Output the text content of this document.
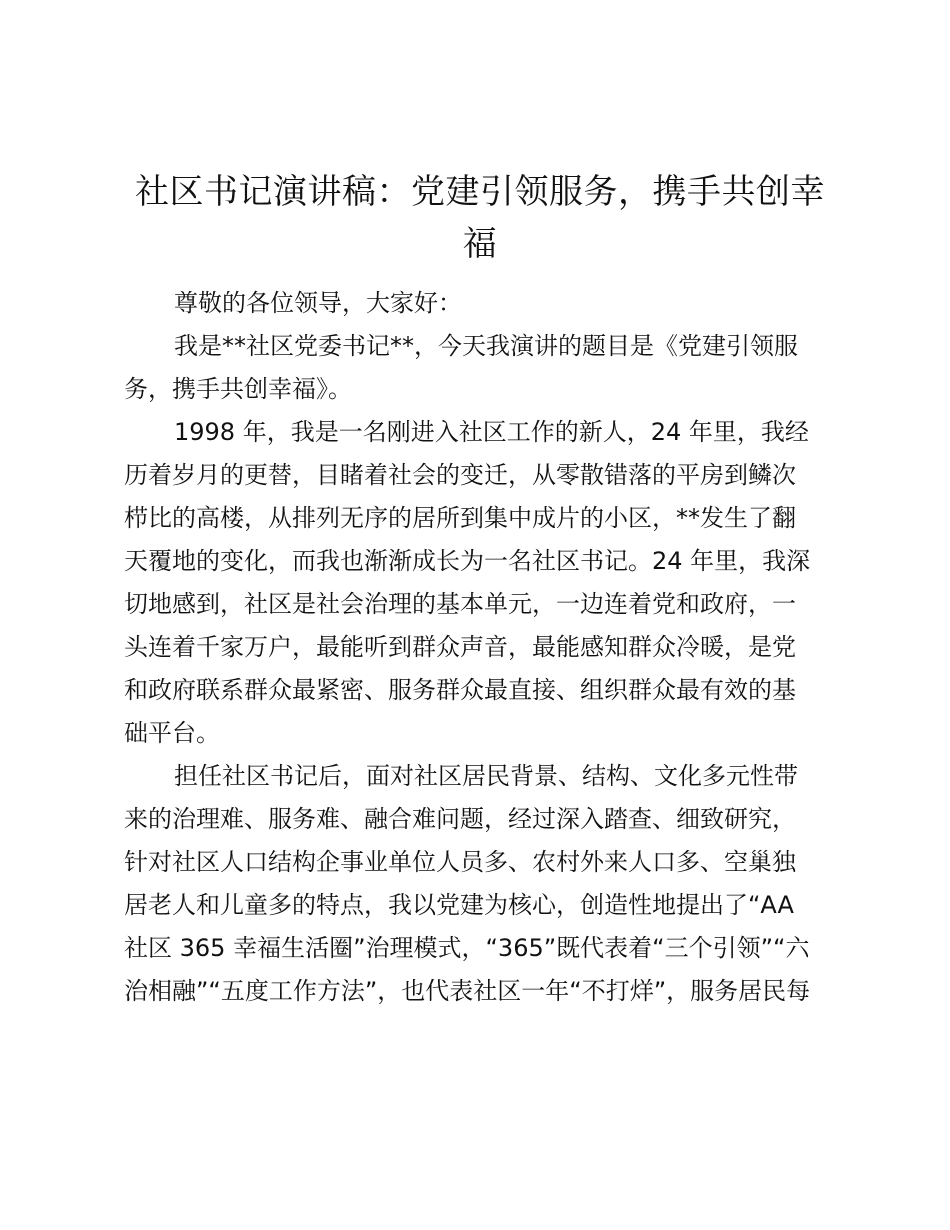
社区书记演讲稿：党建引领服务，携手共创幸
福
尊敬的各位领导，大家好：
我是**社区党委书记**，今天我演讲的题目是《党建引领服
务，携手共创幸福》。
1998 年，我是一名刚进入社区工作的新人，24 年里，我经
历着岁月的更替，目睹着社会的变迁，从零散错落的平房到鳞次
栉比的高楼，从排列无序的居所到集中成片的小区，**发生了翻
天覆地的变化，而我也渐渐成长为一名社区书记。24 年里，我深
切地感到，社区是社会治理的基本单元，一边连着党和政府，一
头连着千家万户，最能听到群众声音，最能感知群众冷暖，是党
和政府联系群众最紧密、服务群众最直接、组织群众最有效的基
础平台。
担任社区书记后，面对社区居民背景、结构、文化多元性带
来的治理难、服务难、融合难问题，经过深入踏查、细致研究，
针对社区人口结构企事业单位人员多、农村外来人口多、空巢独
居老人和儿童多的特点，我以党建为核心，创造性地提出了“AA
社区 365 幸福生活圈”治理模式，“365”既代表着“三个引领”“六
治相融”“五度工作方法”，也代表社区一年“不打烊”，服务居民每
